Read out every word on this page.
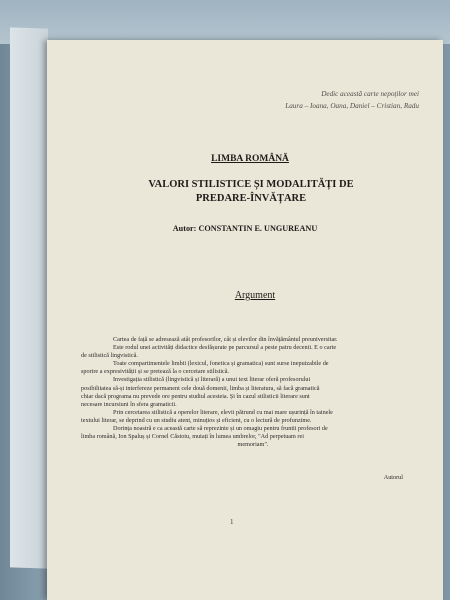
Dedic această carte nepoților mei
Laura – Ioana, Oana, Daniel – Cristian, Radu
LIMBA ROMÂNĂ
VALORI STILISTICE ȘI MODALITĂȚI DE
PREDARE-ÎNVĂȚARE
Autor: CONSTANTIN E. UNGUREANU
Argument
Cartea de față se adresează atât profesorilor, cât și elevilor din învățământul preuniversitar.
Este rodul unei activități didactice desfășurate pe parcursul a peste patru decenii. E o carte
de stilistică lingvistică.
Toate compartimentele limbii (lexicul, fonetica și gramatica) sunt surse inepuizabile de
sporire a expresivității și se pretează la o cercetare stilistică.
Investigația stilistică (lingvistică și literară) a unui text literar oferă profesorului
posibilitatea să-și interfereze permanent cele două domenii, limba și literatura, să facă gramatică
chiar dacă programa nu prevede ore pentru studiul acesteia. Și în cazul stilisticii literare sunt
necesare incursiuni în sfera gramaticii.
Prin cercetarea stilistică a operelor literare, elevii pătrund cu mai mare ușurință în tainele
textului literar, se deprind cu un studiu atent, minuțios și eficient, cu o lectură de profunzime.
Dorința noastră e ca această carte să reprezinte și un omagiu pentru fruntii profesori de
limba română, Ion Spaluș și Cornel Căstoiu, mutați în lumea umbrelor, "Ad perpetuam rei
memoriam".
Autorul
1
